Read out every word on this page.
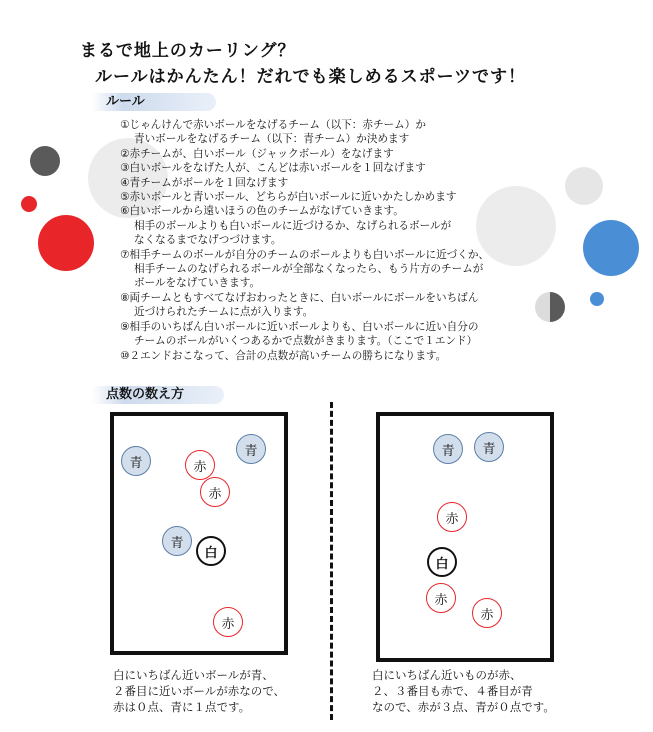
まるで地上のカーリング？
ルールはかんたん！だれでも楽しめるスポーツです！
ルール
①じゃんけんで赤いボールをなげるチーム（以下：赤チーム）か
青いボールをなげるチーム（以下：青チーム）か決めます
②赤チームが、白いボール（ジャックボール）をなげます
③白いボールをなげた人が、こんどは赤いボールを１回なげます
④青チームがボールを１回なげます
⑤赤いボールと青いボール、どちらが白いボールに近いかたしかめます
⑥白いボールから遠いほうの色のチームがなげていきます。
相手のボールよりも白いボールに近づけるか、なげられるボールが
なくなるまでなげつづけます。
⑦相手チームのボールが自分のチームのボールよりも白いボールに近づくか、
相手チームのなげられるボールが全部なくなったら、もう片方のチームが
ボールをなげていきます。
⑧両チームともすべてなげおわったときに、白いボールにボールをいちばん
近づけられたチームに点が入ります。
⑨相手のいちばん白いボールに近いボールよりも、白いボールに近い自分の
チームのボールがいくつあるかで点数がきまります。（ここで１エンド）
⑩２エンドおこなって、合計の点数が高いチームの勝ちになります。
点数の数え方
青
青
赤
赤
青
白
赤
青	青
赤
白
赤
赤
白にいちばん近いボールが青、
２番目に近いボールが赤なので、
赤は０点、青に１点です。
白にいちばん近いものが赤、
２、３番目も赤で、４番目が青
なので、赤が３点、青が０点です。
